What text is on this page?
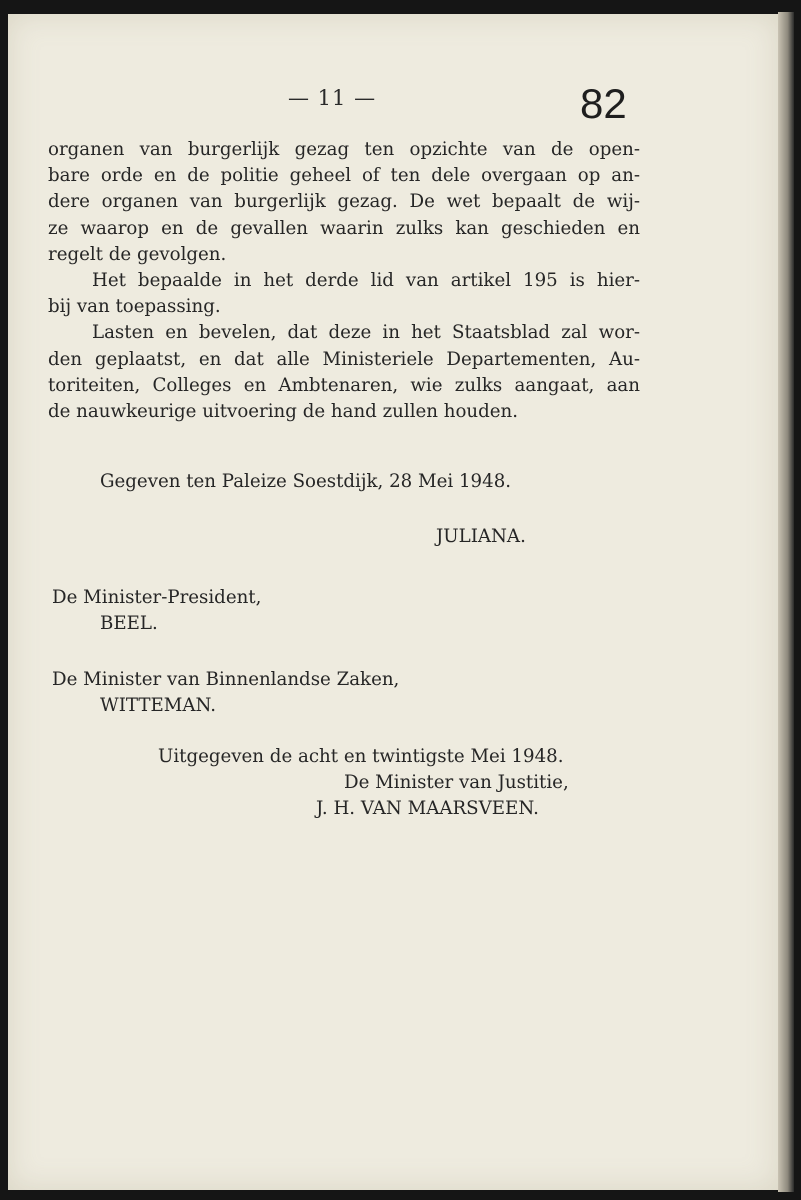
— 11 —	82
organen van burgerlijk gezag ten opzichte van de open-
bare orde en de politie geheel of ten dele overgaan op an-
dere organen van burgerlijk gezag. De wet bepaalt de wij-
ze waarop en de gevallen waarin zulks kan geschieden en
regelt de gevolgen.
Het bepaalde in het derde lid van artikel 195 is hier-
bij van toepassing.
Lasten en bevelen, dat deze in het Staatsblad zal wor-
den geplaatst, en dat alle Ministeriele Departementen, Au-
toriteiten, Colleges en Ambtenaren, wie zulks aangaat, aan
de nauwkeurige uitvoering de hand zullen houden.
Gegeven ten Paleize Soestdijk, 28 Mei 1948.
JULIANA.
De Minister-President,
BEEL.
De Minister van Binnenlandse Zaken,
WITTEMAN.
Uitgegeven de acht en twintigste Mei 1948.
De Minister van Justitie,
J. H. VAN MAARSVEEN.
